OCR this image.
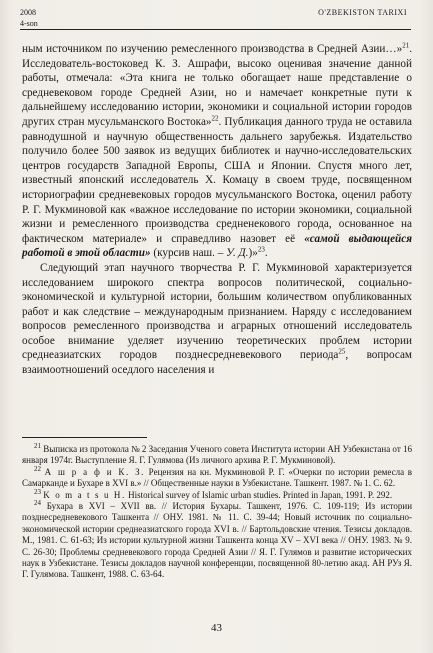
2008
4-son
O'ZBEKISTON TARIXI

ным источником по изучению ремесленного производства в Средней Азии…»$^{21}$. Исследователь-востоковед К. З. Ашрафи, высоко оценивая значение данной работы, отмечала: «Эта книга не только обогащает наше представление о средневековом городе Средней Азии, но и намечает конкретные пути к дальнейшему исследованию истории, экономики и социальной истории городов других стран мусульманского Востока»$^{22}$. Публикация данного труда не оставила равнодушной и научную общественность дальнего зарубежья. Издательство получило более 500 заявок из ведущих библиотек и научно-исследовательских центров государств Западной Европы, США и Японии. Спустя много лет, известный японский исследователь Х. Комацу в своем труде, посвященном историографии средневековых городов мусульманского Востока, оценил работу Р. Г. Мукминовой как «важное исследование по истории экономики, социальной жизни и ремесленного производства средненекового города, основанное на фактическом материале» и справедливо назовет её «самой выдающейся работой в этой области» (курсив наш. – У. Д.)»$^{23}$.

Следующий этап научного творчества Р. Г. Мукминовой характеризуется исследованием широкого спектра вопросов политической, социально-экономической и культурной истории, большим количеством опубликованных работ и как следствие – международным признанием. Наряду с исследованием вопросов ремесленного производства и аграрных отношений исследователь особое внимание уделяет изучению теоретических проблем истории среднеазиатских городов позднесредневекового периода$^{25}$, вопросам взаимоотношений оседлого населения и

$^{21}$ Выписка из протокола № 2 Заседания Ученого совета Института истории АН Узбекистана от 16 января 1974г. Выступление Я. Г. Гулямова (Из личного архива Р. Г. Мукминовой).

$^{22}$ А ш р а ф и К. З. Рецензия на кн. Мукминовой Р. Г. «Очерки по истории ремесла в Самарканде и Бухаре в XVI в.» // Общественные науки в Узбекистане. Ташкент. 1987. № 1. С. 62.

$^{23}$ K o m a t s u H. Historical survey of Islamic urban studies. Printed in Japan, 1991. P. 292.

$^{24}$ Бухара в XVI – XVII вв. // История Бухары. Ташкент, 1976. С. 109-119; Из истории позднесредневекового Ташкента // ОНУ. 1981. № 11. С. 39-44; Новый источник по социально-экономической истории среднеазиатского города XVI в. // Бартольдовские чтения. Тезисы докладов. М., 1981. С. 61-63; Из истории культурной жизни Ташкента конца XV – XVI века // ОНУ. 1983. № 9. С. 26-30; Проблемы средневекового города Средней Азии // Я. Г. Гулямов и развитие исторических наук в Узбекистане. Тезисы докладов научной конференции, посвященной 80-летию акад. АН РУз Я. Г. Гулямова. Ташкент, 1988. С. 63-64.

43
